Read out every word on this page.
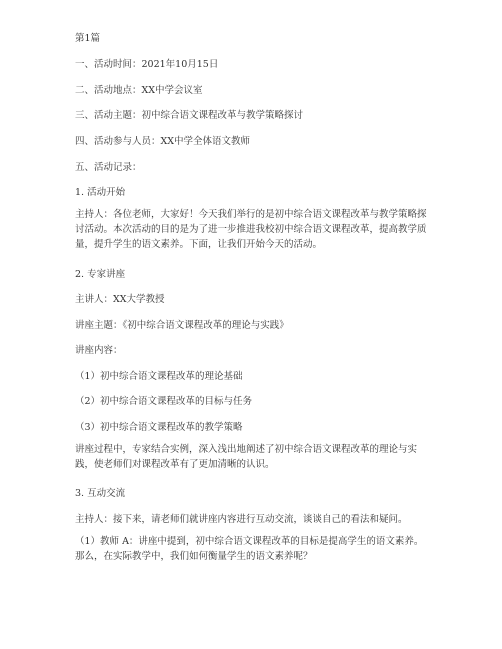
第1篇
一、活动时间：2021年10月15日
二、活动地点：XX中学会议室
三、活动主题：初中综合语文课程改革与教学策略探讨
四、活动参与人员：XX中学全体语文教师
五、活动记录：
1. 活动开始
主持人：各位老师，大家好！今天我们举行的是初中综合语文课程改革与教学策略探讨活动。本次活动的目的是为了进一步推进我校初中综合语文课程改革，提高教学质量，提升学生的语文素养。下面，让我们开始今天的活动。
2. 专家讲座
主讲人：XX大学教授
讲座主题：《初中综合语文课程改革的理论与实践》
讲座内容：
（1）初中综合语文课程改革的理论基础
（2）初中综合语文课程改革的目标与任务
（3）初中综合语文课程改革的教学策略
讲座过程中，专家结合实例，深入浅出地阐述了初中综合语文课程改革的理论与实践，使老师们对课程改革有了更加清晰的认识。
3. 互动交流
主持人：接下来，请老师们就讲座内容进行互动交流，谈谈自己的看法和疑问。
（1）教师 A：讲座中提到，初中综合语文课程改革的目标是提高学生的语文素养。那么，在实际教学中，我们如何衡量学生的语文素养呢？
